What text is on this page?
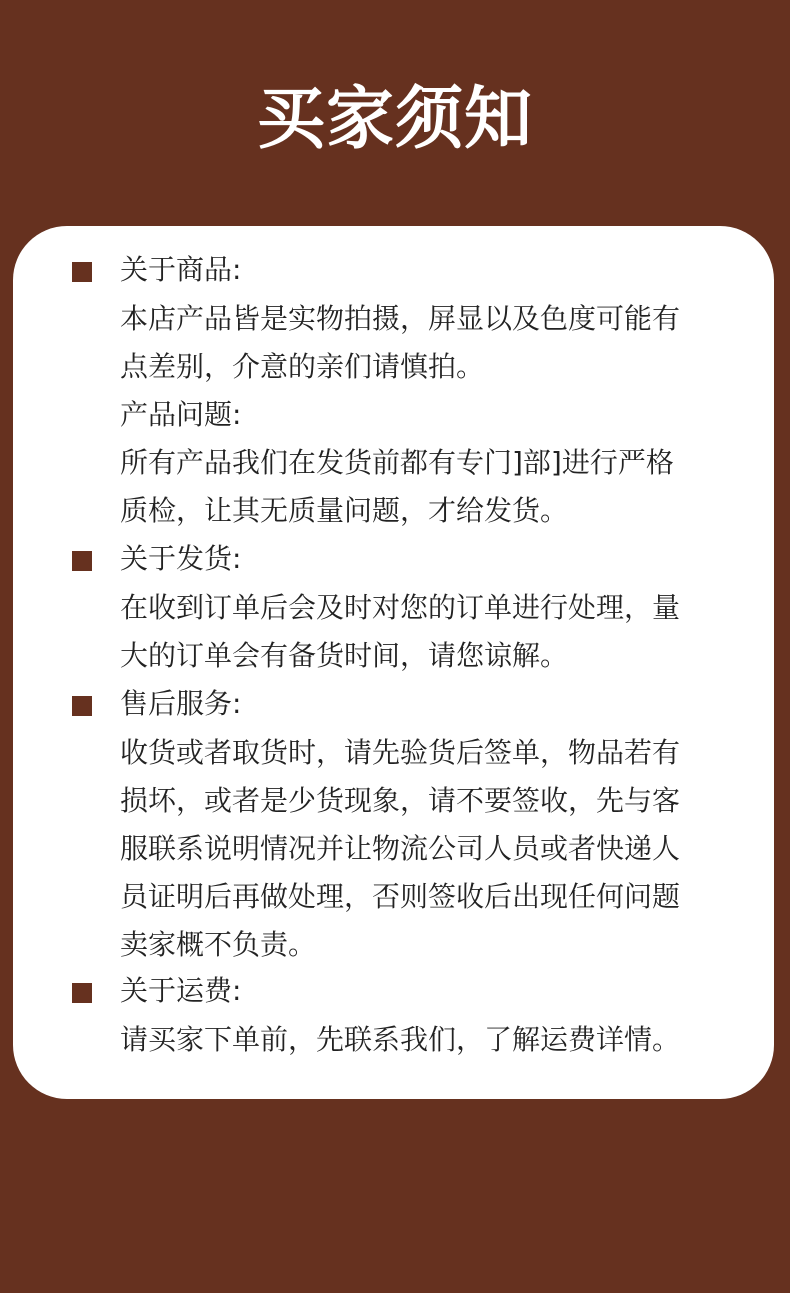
买家须知
关于商品:
本店产品皆是实物拍摄，屏显以及色度可能有
点差别，介意的亲们请慎拍。
产品问题:
所有产品我们在发货前都有专门]部]进行严格
质检，让其无质量问题，才给发货。
关于发货:
在收到订单后会及时对您的订单进行处理，量
大的订单会有备货时间，请您谅解。
售后服务:
收货或者取货时，请先验货后签单，物品若有
损坏，或者是少货现象，请不要签收，先与客
服联系说明情况并让物流公司人员或者快递人
员证明后再做处理，否则签收后出现任何问题
卖家概不负责。
关于运费:
请买家下单前，先联系我们，了解运费详情。
